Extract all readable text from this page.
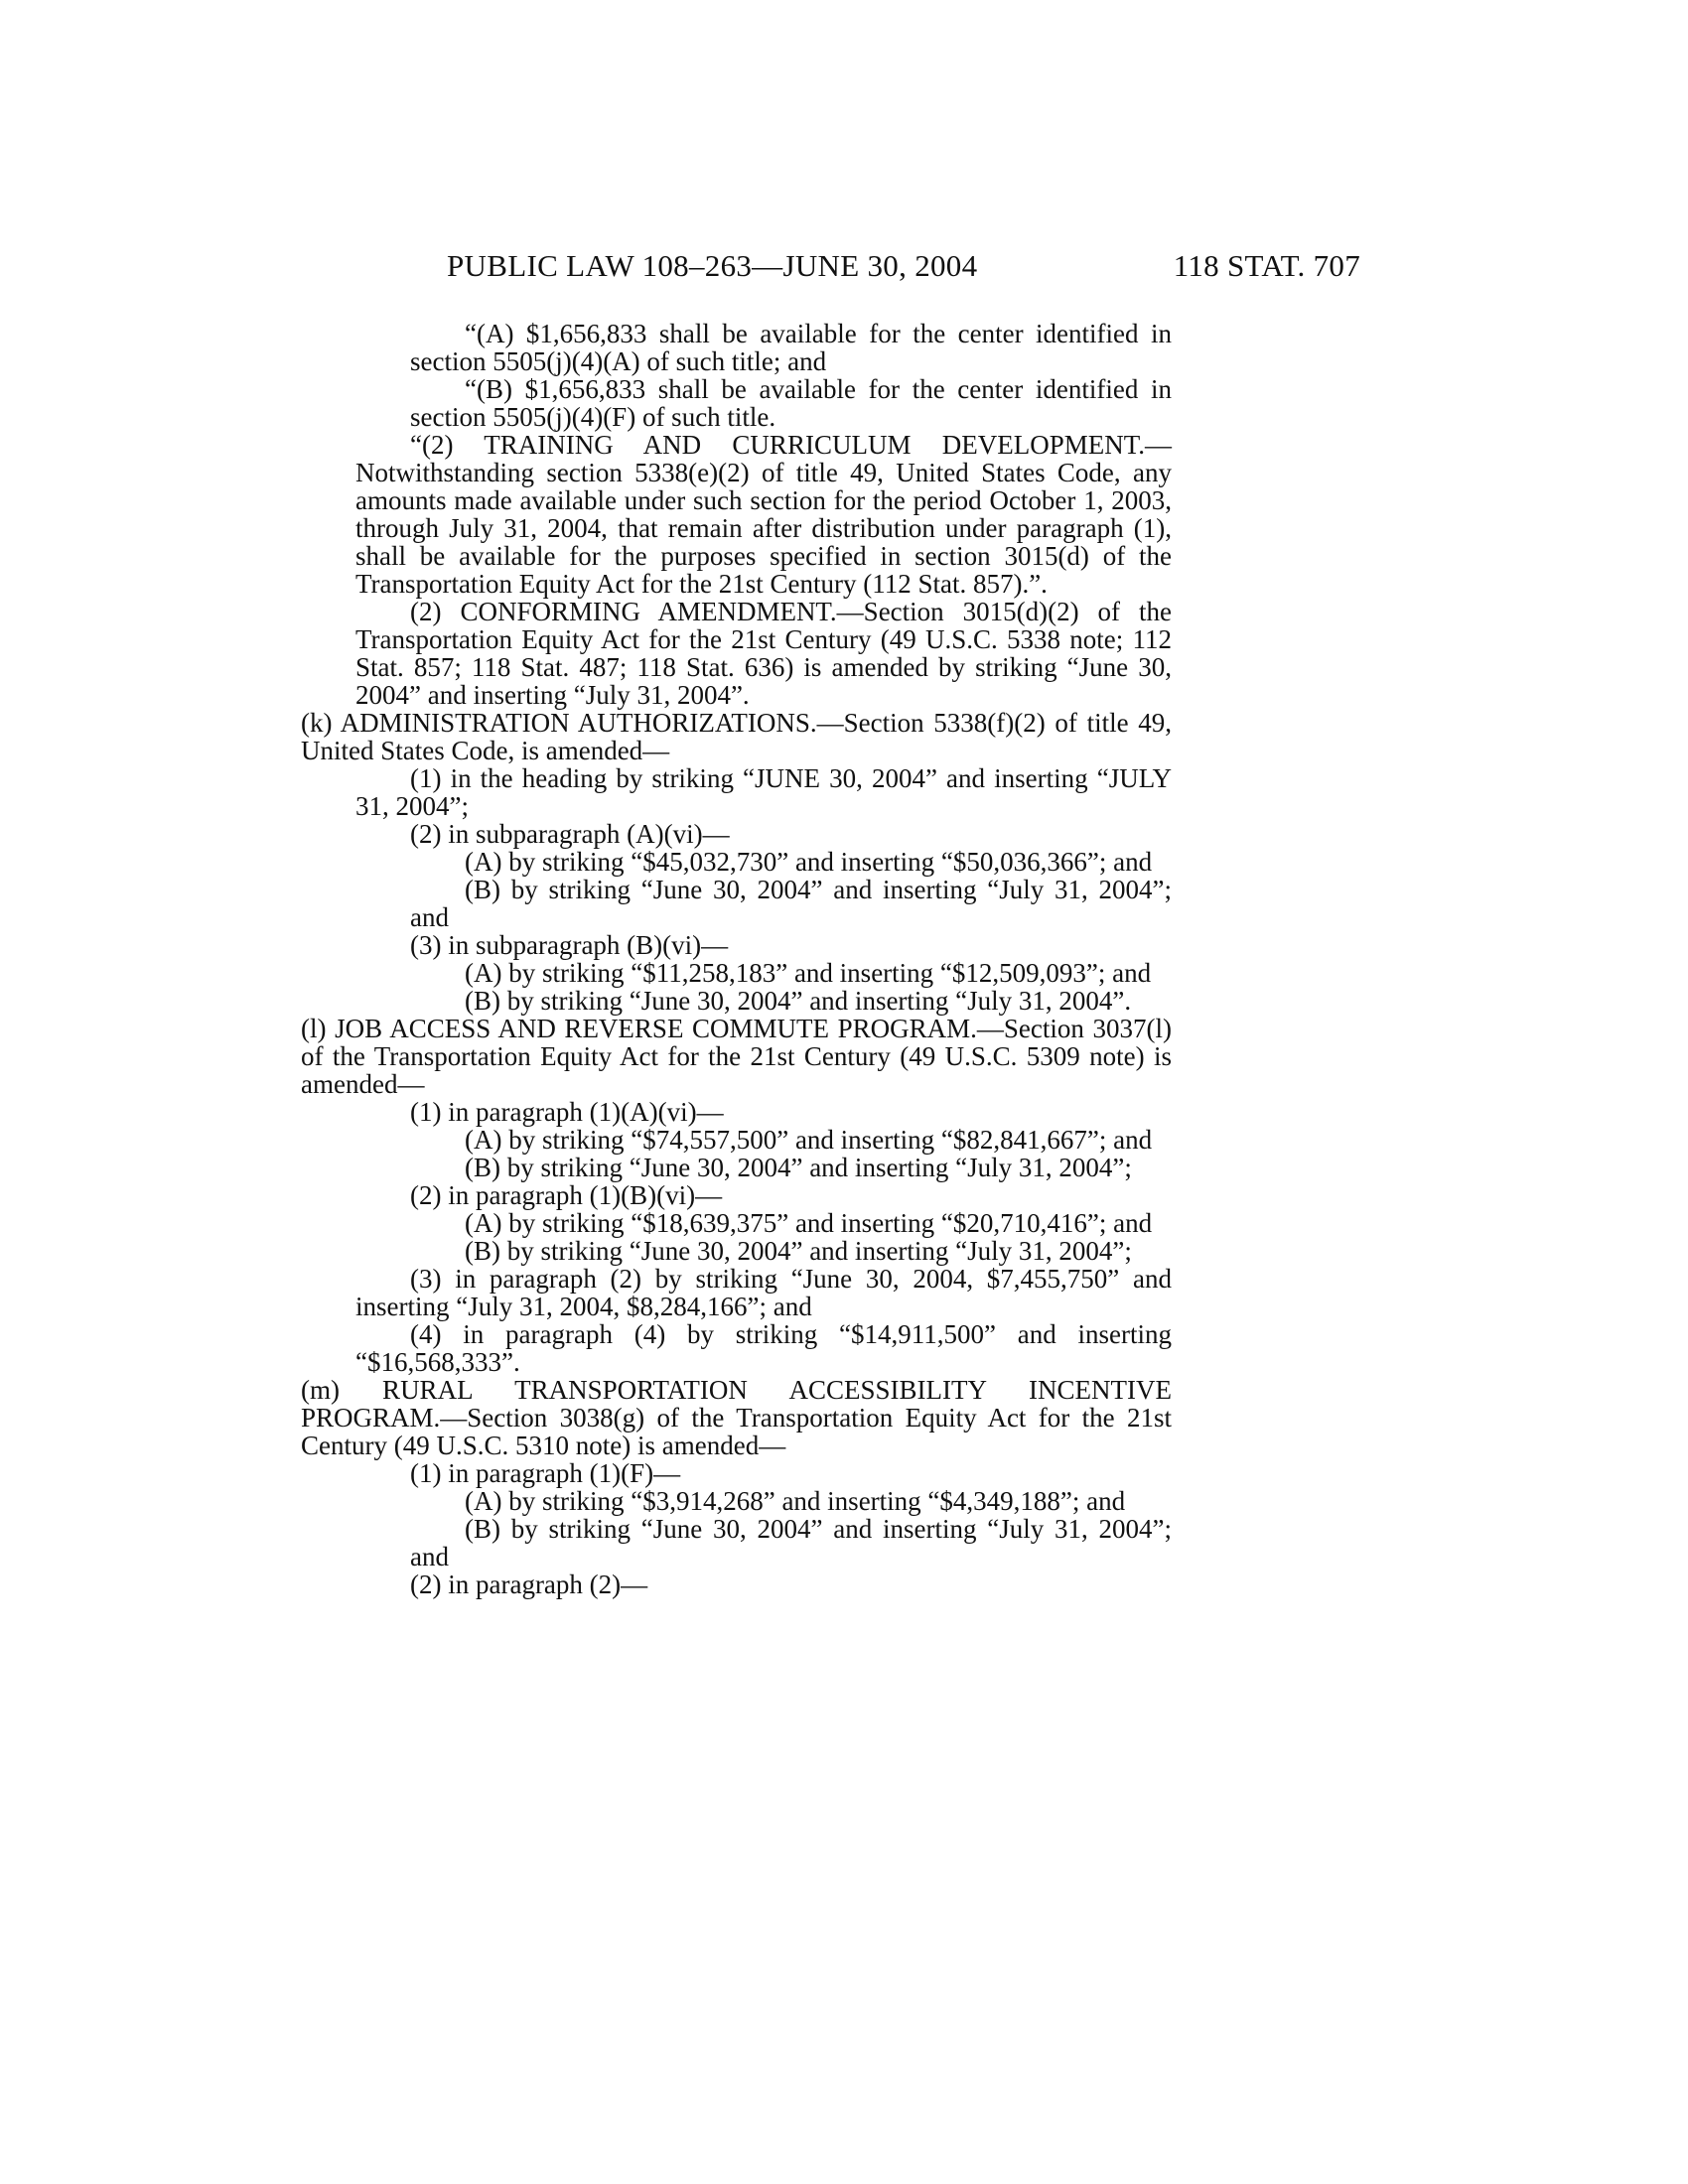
PUBLIC LAW 108–263—JUNE 30, 2004	118 STAT. 707

“(A) $1,656,833 shall be available for the center identified in section 5505(j)(4)(A) of such title; and

“(B) $1,656,833 shall be available for the center identified in section 5505(j)(4)(F) of such title.

“(2) TRAINING AND CURRICULUM DEVELOPMENT.—Notwithstanding section 5338(e)(2) of title 49, United States Code, any amounts made available under such section for the period October 1, 2003, through July 31, 2004, that remain after distribution under paragraph (1), shall be available for the purposes specified in section 3015(d) of the Transportation Equity Act for the 21st Century (112 Stat. 857).”.

(2) CONFORMING AMENDMENT.—Section 3015(d)(2) of the Transportation Equity Act for the 21st Century (49 U.S.C. 5338 note; 112 Stat. 857; 118 Stat. 487; 118 Stat. 636) is amended by striking “June 30, 2004” and inserting “July 31, 2004”.

(k) ADMINISTRATION AUTHORIZATIONS.—Section 5338(f)(2) of title 49, United States Code, is amended—

(1) in the heading by striking “JUNE 30, 2004” and inserting “JULY 31, 2004”;

(2) in subparagraph (A)(vi)—

(A) by striking “$45,032,730” and inserting “$50,036,366”; and

(B) by striking “June 30, 2004” and inserting “July 31, 2004”; and

(3) in subparagraph (B)(vi)—

(A) by striking “$11,258,183” and inserting “$12,509,093”; and

(B) by striking “June 30, 2004” and inserting “July 31, 2004”.

(l) JOB ACCESS AND REVERSE COMMUTE PROGRAM.—Section 3037(l) of the Transportation Equity Act for the 21st Century (49 U.S.C. 5309 note) is amended—

(1) in paragraph (1)(A)(vi)—

(A) by striking “$74,557,500” and inserting “$82,841,667”; and

(B) by striking “June 30, 2004” and inserting “July 31, 2004”;

(2) in paragraph (1)(B)(vi)—

(A) by striking “$18,639,375” and inserting “$20,710,416”; and

(B) by striking “June 30, 2004” and inserting “July 31, 2004”;

(3) in paragraph (2) by striking “June 30, 2004, $7,455,750” and inserting “July 31, 2004, $8,284,166”; and

(4) in paragraph (4) by striking “$14,911,500” and inserting “$16,568,333”.

(m) RURAL TRANSPORTATION ACCESSIBILITY INCENTIVE PROGRAM.—Section 3038(g) of the Transportation Equity Act for the 21st Century (49 U.S.C. 5310 note) is amended—

(1) in paragraph (1)(F)—

(A) by striking “$3,914,268” and inserting “$4,349,188”; and

(B) by striking “June 30, 2004” and inserting “July 31, 2004”; and

(2) in paragraph (2)—
